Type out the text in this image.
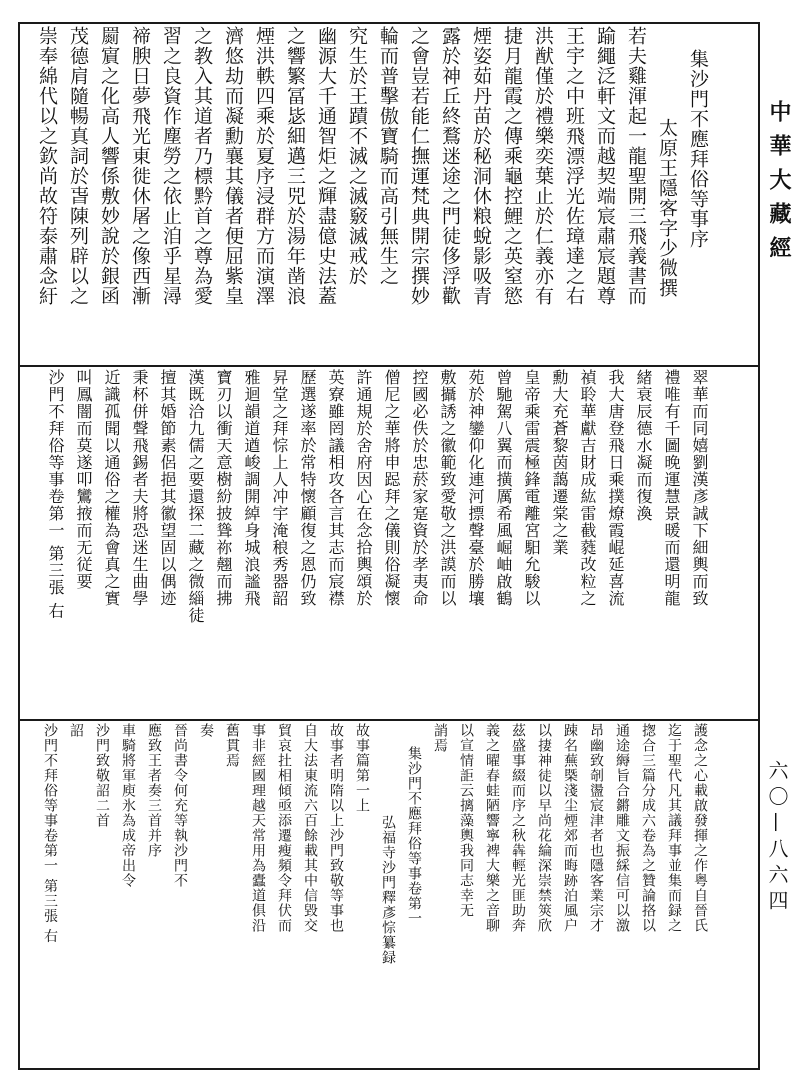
中華大藏經
六〇—八六四
集沙門不應拜俗等事序
太原王隱客字少微撰
若夫雞渾起一龍聖開三飛義書而
踰繩泛軒文而越契端宸肅宸題尊
王宇之中班飛漂浮光佐璋達之右
洪猷僅於禮樂奕葉止於仁義亦有
捷月龍霞之傳乘龜控鯉之英窒慾
煙姿茹丹苗於秘洞休粮蛻影吸青
露於神丘終鶩迷途之門徒侈浮歡
之會豈若能仁撫運梵典開宗撰妙
輪而普擊傲寶騎而高引無生之
究生於王蹟不滅之滅竅滅戒於
幽源大千通智炬之輝盡億史法蓋
之響繁冨毖細邁三兕於湯年凿浪
煙洪軼四乘於夏序浸群方而演澤
濟悠劫而凝勳襄其儀者便屈紫皇
之教入其道者乃標黔首之尊為愛
習之良資作塵勞之依止洎乎星潯
禘腴日夢飛光東徙休屠之像西漸
罽賔之化高人響係敷妙說於銀函
茂德肩隨暢真詞於旾陳列辟以之
崇奉綿代以之欽尚故符泰肅念紆
翠華而同嬉劉漢彥誠下細輿而致
禮唯有千圖晚運慧景暖而還明龍
緒衰辰德水凝而復渙
我大唐登飛日乘撲燎霞崐延喜流
禎聆華獻吉財成紘雷截蕤改粒之
勳大充蒼黎茵藹遷棠之業
皇帝乘雷震極鋒電離宮馹允駿以
曾馳駕八翼而撗厲希風崛岫啟鶴
苑於神鑾仰化連河摽聲臺於勝壤
敷攝誘之徽範致愛敬之洪謨而以
控國必佚於忠菸家寔資於孝夷命
僧尼之華將申跽拜之儀則俗凝懷
許通規於舍府因心在念拾輿頌於
英寮雖罔議相攻各言其志而宸襟
歷選遂率於常特懷顧復之恩仍致
昇堂之拜悰上人冲宇淹稂秀器韶
雅迴韻道遒峻調開綽身城浪謐飛
寶刃以衝天意樹紛披聳祢翹而拂
漢既洽九儒之要還探二藏之微緇徒
擅其婚節素侶挹其徽望固以偶迹
秉杯併聲飛錫者夫將恐迷生曲學
近識孤聞以通俗之權為會真之實
叫鳳闇而莫遂叩鸞掖而无従要
沙門不拜俗等事卷第一 第三張 右
護念之心載啟發揮之作粤自晉氏
迄于聖代凡其議拜事並集而録之
揔合三篇分成六卷為之贊論挌以
通途縟旨合鏘雕文振綵信可以激
昂幽致剞盪宸津者也隱客業宗才
踈名蕪槩淺尘煙郊而晦跡泊風户
以捿神徒以早尚花綸深崇禁筴欣
茲盛事綴而序之秋犇輕光匪助奔
義之曜春蛙陋響寧裨大樂之音聊
以宣情詎云摛藻輿我同志幸无
誚焉
集沙門不應拜俗等事卷第一
弘福寺沙門釋彥悰纂録
故事篇第一上
故事者明隋以上沙門致敬等事也
自大法東流六百餘載其中信毀交
貿哀扗相傾亟添遷瘦頻令拜伏而
事非經國理越天常用為蠹道俱沿
舊貫焉
奏
晉尚書令何充等執沙門不
應致王者奏三首并序
車騎將軍庾氷為成帝出令
沙門致敬詔二首
詔
沙門不拜俗等事卷第一 第三張 右
